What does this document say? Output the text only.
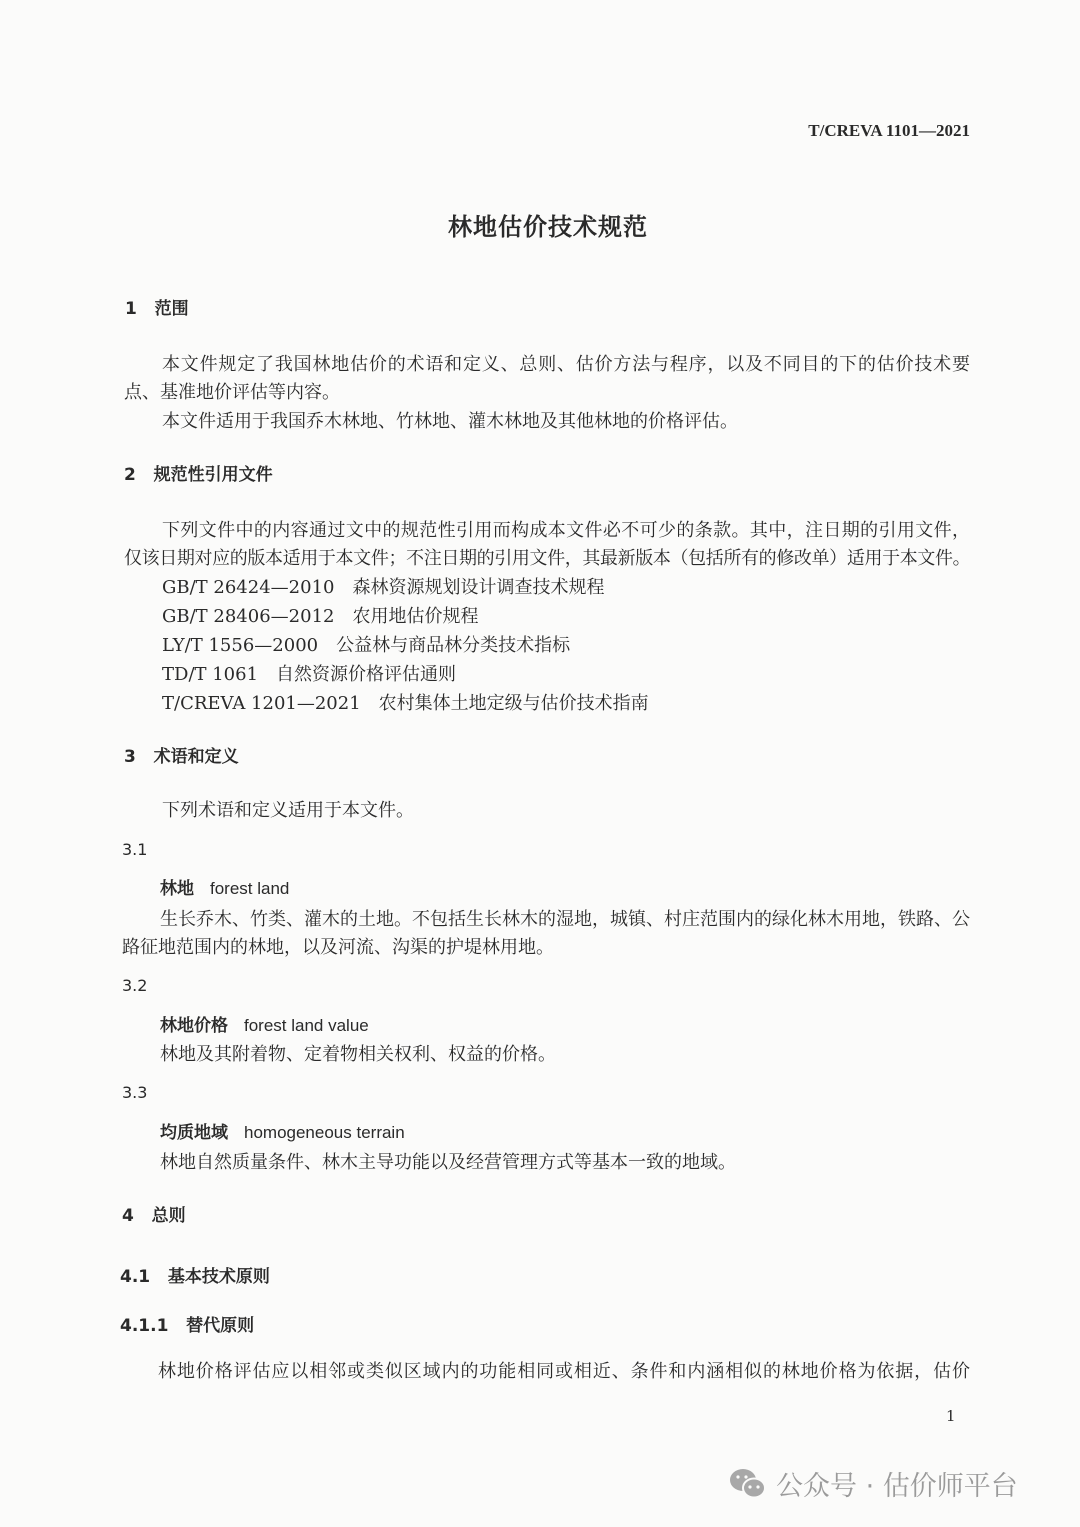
T/CREVA 1101—2021
林地估价技术规范
1 范围
本文件规定了我国林地估价的术语和定义、总则、估价方法与程序，以及不同目的下的估价技术要
点、基准地价评估等内容。
本文件适用于我国乔木林地、竹林地、灌木林地及其他林地的价格评估。
2 规范性引用文件
下列文件中的内容通过文中的规范性引用而构成本文件必不可少的条款。其中，注日期的引用文件，
仅该日期对应的版本适用于本文件；不注日期的引用文件，其最新版本（包括所有的修改单）适用于本文件。
GB/T 26424—2010 森林资源规划设计调查技术规程
GB/T 28406—2012 农用地估价规程
LY/T 1556—2000 公益林与商品林分类技术指标
TD/T 1061 自然资源价格评估通则
T/CREVA 1201—2021 农村集体土地定级与估价技术指南
3 术语和定义
下列术语和定义适用于本文件。
3.1
林地 forest land
生长乔木、竹类、灌木的土地。不包括生长林木的湿地，城镇、村庄范围内的绿化林木用地，铁路、公
路征地范围内的林地，以及河流、沟渠的护堤林用地。
3.2
林地价格 forest land value
林地及其附着物、定着物相关权利、权益的价格。
3.3
均质地域 homogeneous terrain
林地自然质量条件、林木主导功能以及经营管理方式等基本一致的地域。
4 总则
4.1 基本技术原则
4.1.1 替代原则
林地价格评估应以相邻或类似区域内的功能相同或相近、条件和内涵相似的林地价格为依据，估价
1
公众号 · 估价师平台
